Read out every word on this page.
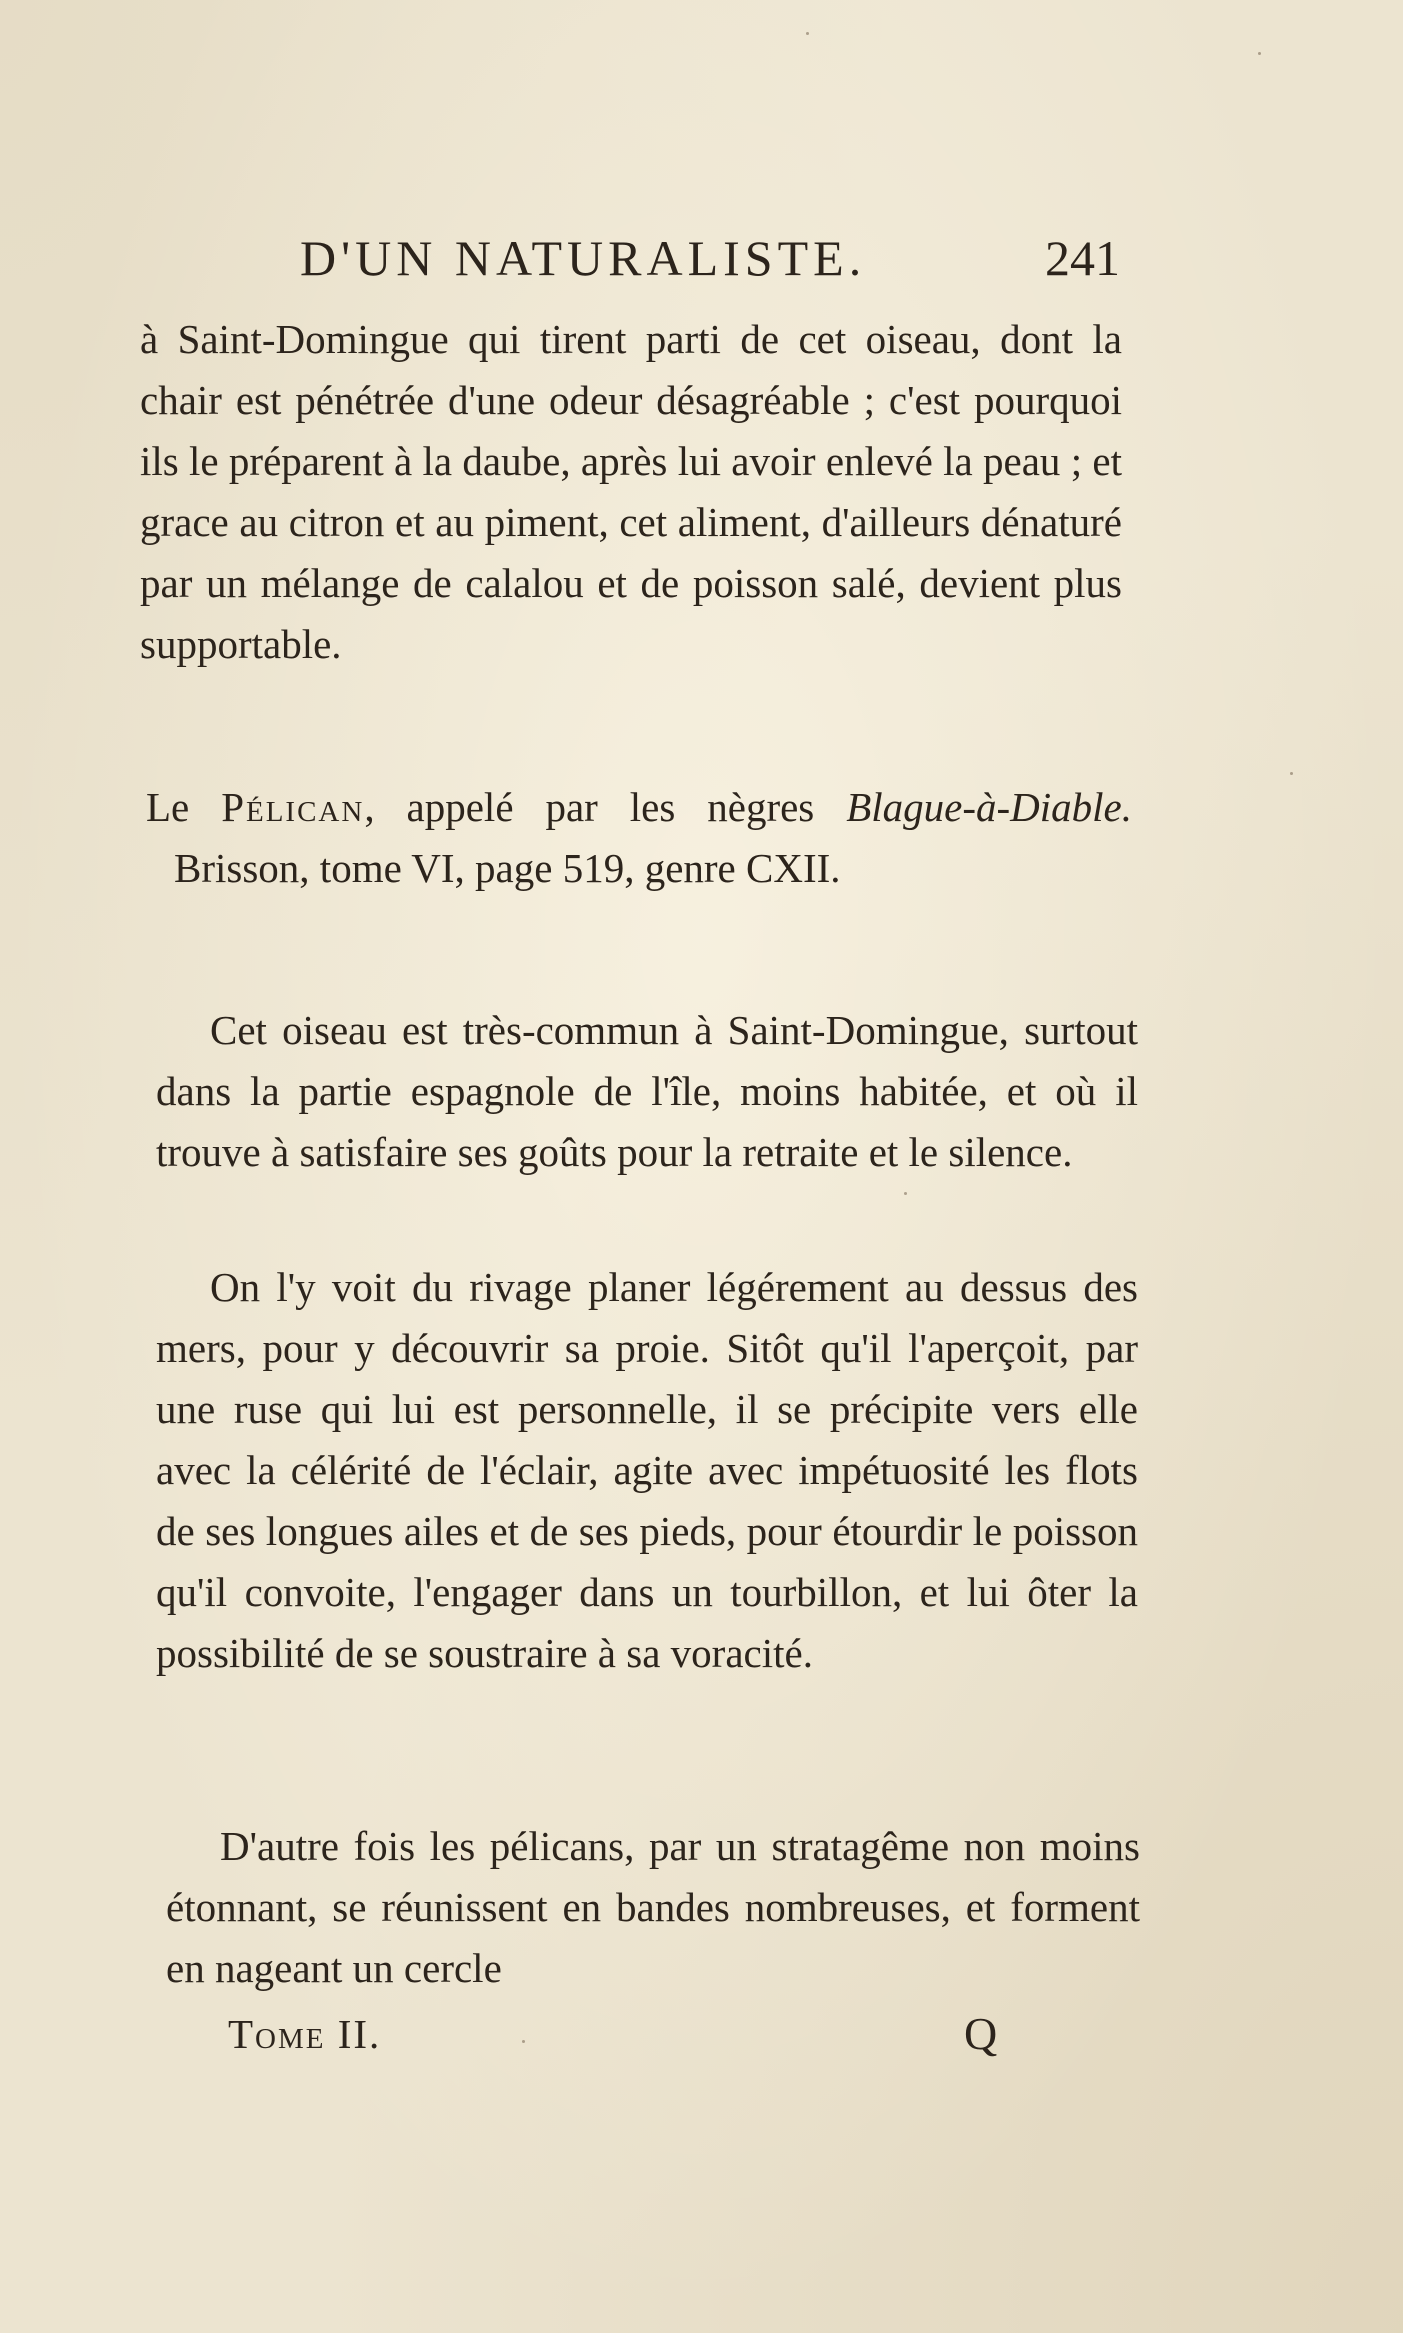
D'UN NATURALISTE.	241

à Saint-Domingue qui tirent parti de cet oiseau, dont la chair est pénétrée d'une odeur désagréable ; c'est pourquoi ils le préparent à la daube, après lui avoir enlevé la peau ; et grace au citron et au piment, cet aliment, d'ailleurs dénaturé par un mélange de calalou et de poisson salé, devient plus supportable.

Le Pélican, appelé par les nègres Blague-à-Diable. Brisson, tome VI, page 519, genre CXII.

Cet oiseau est très-commun à Saint-Domingue, surtout dans la partie espagnole de l'île, moins habitée, et où il trouve à satisfaire ses goûts pour la retraite et le silence.

On l'y voit du rivage planer légérement au dessus des mers, pour y découvrir sa proie. Sitôt qu'il l'aperçoit, par une ruse qui lui est personnelle, il se précipite vers elle avec la célérité de l'éclair, agite avec impétuosité les flots de ses longues ailes et de ses pieds, pour étourdir le poisson qu'il convoite, l'engager dans un tourbillon, et lui ôter la possibilité de se soustraire à sa voracité.

D'autre fois les pélicans, par un stratagême non moins étonnant, se réunissent en bandes nombreuses, et forment en nageant un cercle

Tome II.	Q
